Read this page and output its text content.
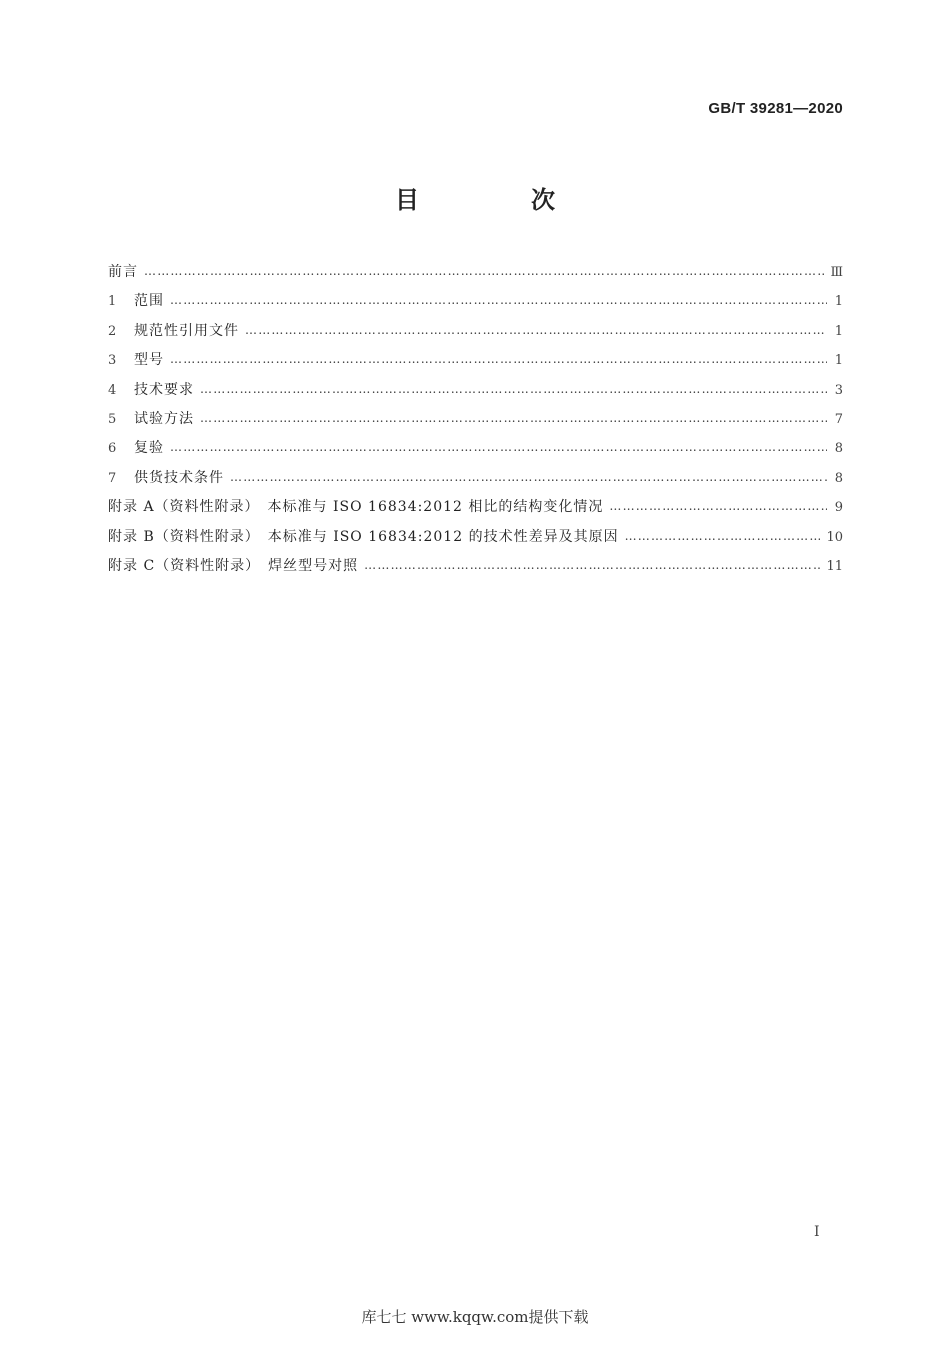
GB/T 39281—2020
目　次
前言 …………………………………………………………………………………………………………………………………………………………………………………………………………	Ⅲ
1	范围 …………………………………………………………………………………………………………………………………………………………………………………………………………	1
2	规范性引用文件 …………………………………………………………………………………………………………………………………………………………………………………………………………	1
3	型号 …………………………………………………………………………………………………………………………………………………………………………………………………………	1
4	技术要求 …………………………………………………………………………………………………………………………………………………………………………………………………………	3
5	试验方法 …………………………………………………………………………………………………………………………………………………………………………………………………………	7
6	复验 …………………………………………………………………………………………………………………………………………………………………………………………………………	8
7	供货技术条件 …………………………………………………………………………………………………………………………………………………………………………………………………………	8
附录 A（资料性附录）　本标准与 ISO 16834:2012 相比的结构变化情况 …………………………………………………………………………………………………………………………………………………………………………………………………………	9
附录 B（资料性附录）　本标准与 ISO 16834:2012 的技术性差异及其原因 …………………………………………………………………………………………………………………………………………………………………………………………………………	10
附录 C（资料性附录）　焊丝型号对照 …………………………………………………………………………………………………………………………………………………………………………………………………………	11
I
库七七 www.kqqw.com提供下载
